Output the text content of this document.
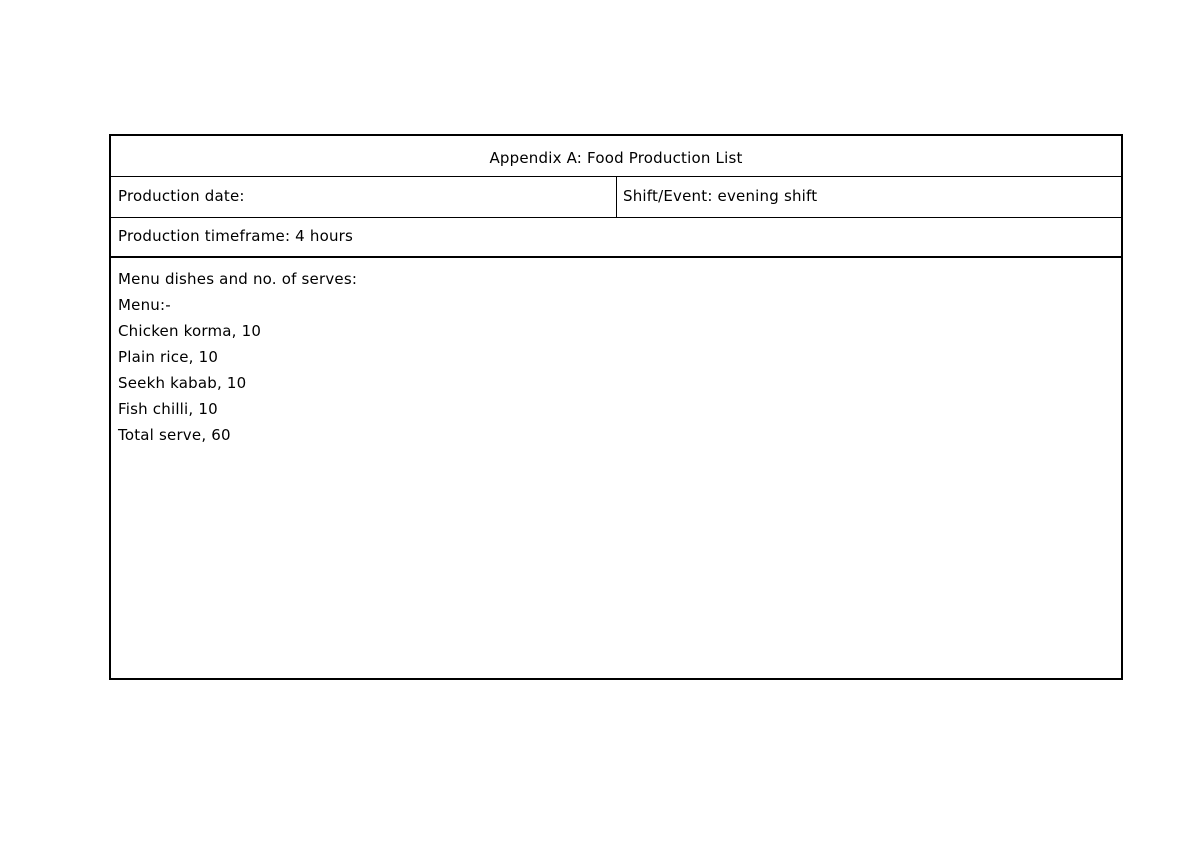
Appendix A: Food Production List
Production date:	Shift/Event: evening shift
Production timeframe: 4 hours
Menu dishes and no. of serves:
Menu:-
Chicken korma, 10
Plain rice, 10
Seekh kabab, 10
Fish chilli, 10
Total serve, 60
